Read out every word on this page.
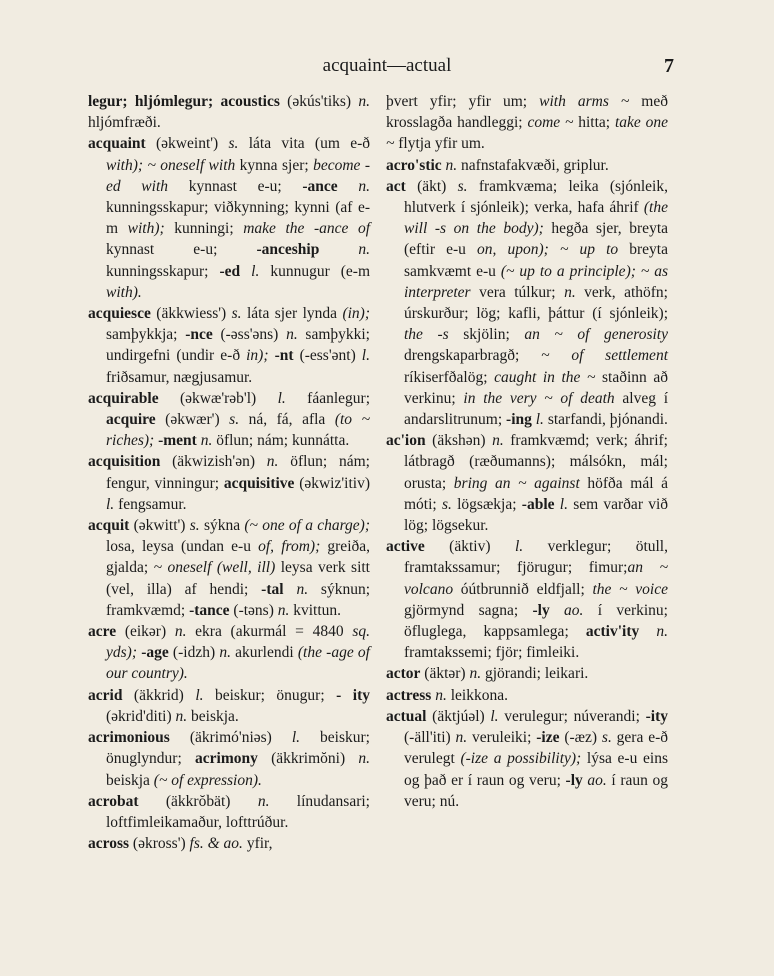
acquaint—actual	7

legur; hljómlegur; acoustics (əkús'tiks) n. hljómfræði.

acquaint (əkweint') s. láta vita (um e-ð with); ~ oneself with kynna sjer; become -ed with kynnast e-u; -ance n. kunningsskapur; viðkynning; kynni (af e-m with); kunningi; make the -ance of kynnast e-u; -anceship	n. kunningsskapur; -ed l. kunnugur (e-m with).

acquiesce (äkkwiess') s. láta sjer lynda (in); samþykkja; -nce (-əss'əns) n. samþykki; undirgefni (undir e-ð in); -nt (-ess'ənt) l. friðsamur, nægjusamur.

acquirable (əkwæ'rəb'l) l. fáanlegur; acquire (əkwær') s. ná, fá, afla (to ~ riches); -ment n. öflun; nám; kunnátta.

acquisition (äkwizish'ən) n. öflun; nám; fengur, vinningur; acquisitive (əkwiz'itiv) l. fengsamur.

acquit (əkwitt') s. sýkna (~ one of a charge); losa, leysa (undan e-u of, from); greiða, gjalda; ~ oneself (well, ill) leysa verk sitt (vel, illa) af hendi; -tal n. sýknun; framkvæmd; -tance (-təns) n. kvittun.

acre (eikər) n. ekra (akurmál = 4840 sq. yds); -age (-idzh) n. akurlendi (the -age of our country).

acrid (äkkrid) l. beiskur; önugur; - ity (əkrid'diti) n. beiskja.

acrimonious (äkrimó'niəs) l. beiskur; önuglyndur; acrimony (äkkrimŏni) n. beiskja (~ of expression).

acrobat (äkkrŏbät) n. línudansari; loftfimleikamaður, lofttrúður.

across (əkross') fs. & ao. yfir,

þvert yfir; yfir um; with arms ~ með krosslagða handleggi; come ~ hitta; take one ~ flytja yfir um.

acro'stic n. nafnstafakvæði, griplur.

act (äkt) s. framkvæma; leika (sjónleik, hlutverk í sjónleik); verka, hafa áhrif (the will -s on the body); hegða sjer, breyta (eftir e-u on, upon); ~ up to breyta samkvæmt e-u (~ up to a principle); ~ as interpreter vera túlkur; n. verk, athöfn; úrskurður; lög; kafli, þáttur (í sjónleik); the -s skjölin; an ~ of generosity drengskaparbragð; ~ of settlement ríkiserfðalög; caught in the ~ staðinn að verkinu; in the very ~ of death alveg í andarslitrunum; -ing l. starfandi, þjónandi.

ac'ion (äkshən) n. framkvæmd; verk; áhrif; látbragð (ræðumanns); málsókn, mál; orusta; bring an ~ against höfða mál á móti; s. lögsækja; -able l. sem varðar við lög; lögsekur.

active (äktiv) l. verklegur; ötull, framtakssamur; fjörugur; fimur;an ~ volcano óútbrunnið eldfjall; the ~ voice gjörmynd sagna; -ly ao. í verkinu; öfluglega, kappsamlega; activ'ity n. framtakssemi; fjör; fimleiki.

actor (äktər) n. gjörandi; leikari.

actress n. leikkona.

actual (äktjúəl) l. verulegur; núverandi; -ity (-äll'iti) n. veruleiki; -ize (-æz) s. gera e-ð verulegt (-ize a possibility); lýsa e-u eins og það er í raun og veru; -ly ao. í raun og veru; nú.
